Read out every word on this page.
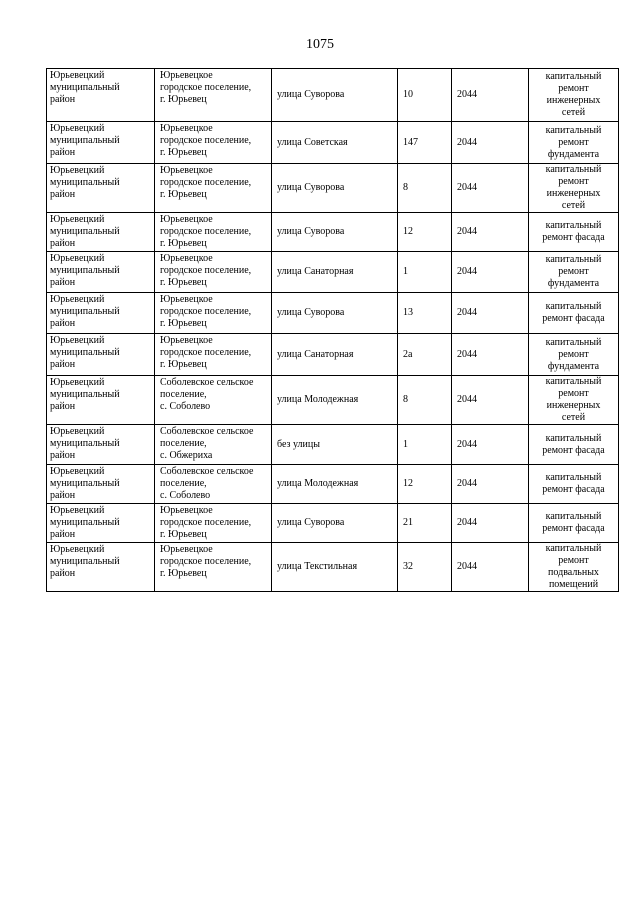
1075
Юрьевецкий
муниципальный
район	Юрьевецкое
городское поселение,
г. Юрьевец	улица Суворова	10	2044	капитальный
ремонт
инженерных
сетей

Юрьевецкий
муниципальный
район	Юрьевецкое
городское поселение,
г. Юрьевец	улица Советская	147	2044	капитальный
ремонт
фундамента

Юрьевецкий
муниципальный
район	Юрьевецкое
городское поселение,
г. Юрьевец	улица Суворова	8	2044	капитальный
ремонт
инженерных
сетей

Юрьевецкий
муниципальный
район	Юрьевецкое
городское поселение,
г. Юрьевец	улица Суворова	12	2044	капитальный
ремонт фасада

Юрьевецкий
муниципальный
район	Юрьевецкое
городское поселение,
г. Юрьевец	улица Санаторная	1	2044	капитальный
ремонт
фундамента

Юрьевецкий
муниципальный
район	Юрьевецкое
городское поселение,
г. Юрьевец	улица Суворова	13	2044	капитальный
ремонт фасада

Юрьевецкий
муниципальный
район	Юрьевецкое
городское поселение,
г. Юрьевец	улица Санаторная	2а	2044	капитальный
ремонт
фундамента

Юрьевецкий
муниципальный
район	Соболевское сельское
поселение,
с. Соболево	улица Молодежная	8	2044	капитальный
ремонт
инженерных
сетей

Юрьевецкий
муниципальный
район	Соболевское сельское
поселение,
с. Обжериха	без улицы	1	2044	капитальный
ремонт фасада

Юрьевецкий
муниципальный
район	Соболевское сельское
поселение,
с. Соболево	улица Молодежная	12	2044	капитальный
ремонт фасада

Юрьевецкий
муниципальный
район	Юрьевецкое
городское поселение,
г. Юрьевец	улица Суворова	21	2044	капитальный
ремонт фасада

Юрьевецкий
муниципальный
район	Юрьевецкое
городское поселение,
г. Юрьевец	улица Текстильная	32	2044	капитальный
ремонт
подвальных
помещений
